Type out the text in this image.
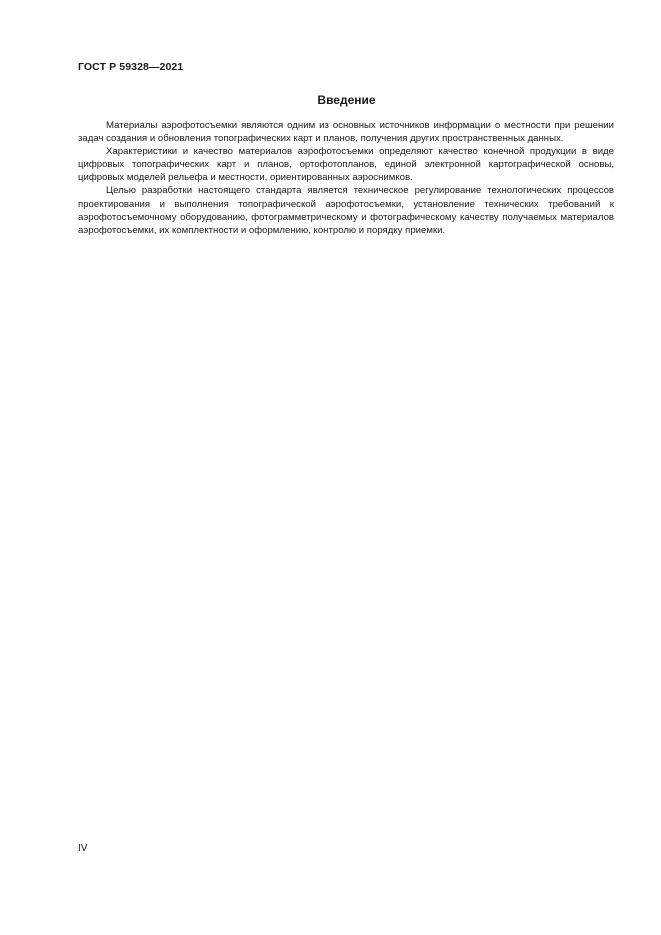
ГОСТ Р 59328—2021
Введение

Материалы аэрофотосъемки являются одним из основных источников информации о местности при решении задач создания и обновления топографических карт и планов, получения других пространственных данных.

Характеристики и качество материалов аэрофотосъемки определяют качество конечной продукции в виде цифровых топографических карт и планов, ортофотопланов, единой электронной картографической основы, цифровых моделей рельефа и местности, ориентированных аэроснимков.

Целью разработки настоящего стандарта является техническое регулирование технологических процессов проектирования и выполнения топографической аэрофотосъемки, установление технических требований к аэрофотосъемочному оборудованию, фотограмметрическому и фотографическому качеству получаемых материалов аэрофотосъемки, их комплектности и оформлению, контролю и порядку приемки.

IV
